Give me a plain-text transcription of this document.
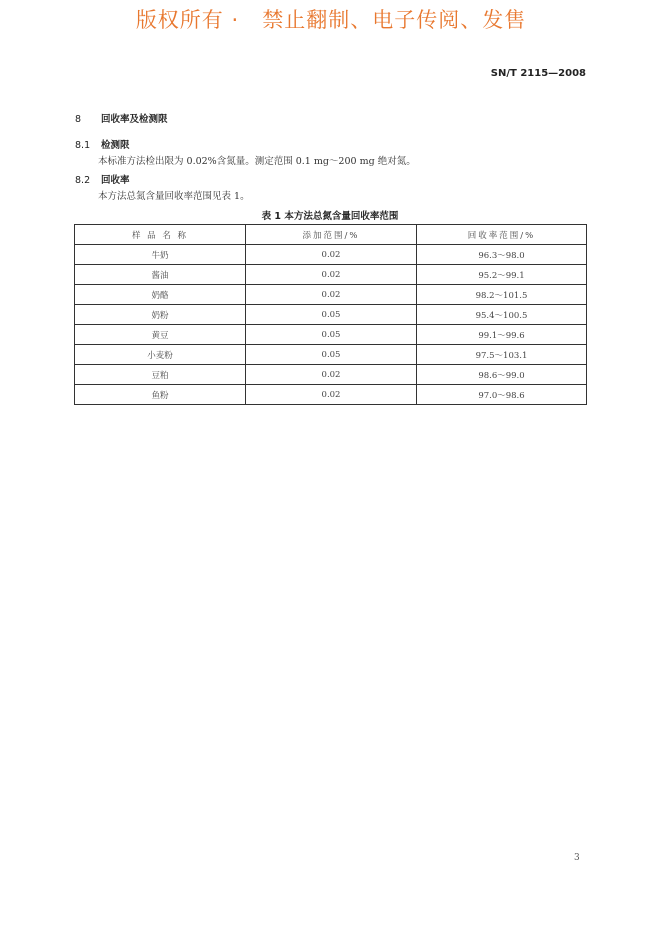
版权所有 ·   禁止翻制、电子传阅、发售
SN/T 2115—2008
8 回收率及检测限
8.1 检测限
本标准方法检出限为 0.02%含氮量。测定范围 0.1 mg～200 mg 绝对氮。
8.2 回收率
本方法总氮含量回收率范围见表 1。
表 1 本方法总氮含量回收率范围
样 品 名 称	添加范围/%	回收率范围/%
牛奶	0.02	96.3～98.0
酱油	0.02	95.2～99.1
奶酪	0.02	98.2～101.5
奶粉	0.05	95.4～100.5
黄豆	0.05	99.1～99.6
小麦粉	0.05	97.5～103.1
豆粕	0.02	98.6～99.0
鱼粉	0.02	97.0～98.6
3
